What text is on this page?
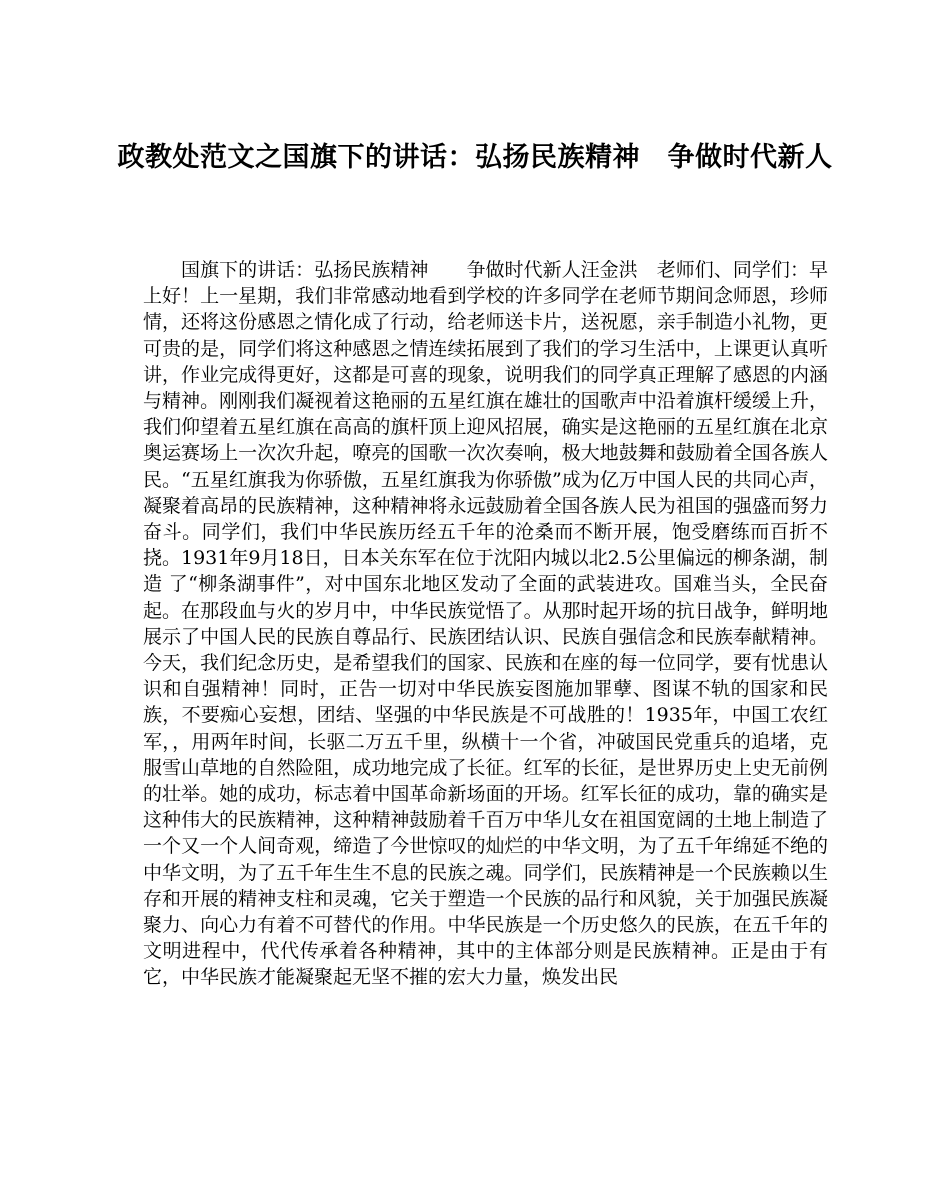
政教处范文之国旗下的讲话：弘扬民族精神　争做时代新人

国旗下的讲话：弘扬民族精神　　争做时代新人汪金洪　老师们、同学们：早上好！上一星期，我们非常感动地看到学校的许多同学在老师节期间念师恩，珍师情，还将这份感恩之情化成了行动，给老师送卡片，送祝愿，亲手制造小礼物，更可贵的是，同学们将这种感恩之情连续拓展到了我们的学习生活中，上课更认真听讲，作业完成得更好，这都是可喜的现象，说明我们的同学真正理解了感恩的内涵与精神。刚刚我们凝视着这艳丽的五星红旗在雄壮的国歌声中沿着旗杆缓缓上升，我们仰望着五星红旗在高高的旗杆顶上迎风招展，确实是这艳丽的五星红旗在北京奥运赛场上一次次升起，嘹亮的国歌一次次奏响，极大地鼓舞和鼓励着全国各族人民。“五星红旗我为你骄傲，五星红旗我为你骄傲”成为亿万中国人民的共同心声，凝聚着高昂的民族精神，这种精神将永远鼓励着全国各族人民为祖国的强盛而努力奋斗。同学们，我们中华民族历经五千年的沧桑而不断开展，饱受磨练而百折不挠。1931年9月18日，日本关东军在位于沈阳内城以北2.5公里偏远的柳条湖，制造 了“柳条湖事件”，对中国东北地区发动了全面的武装进攻。国难当头，全民奋起。在那段血与火的岁月中，中华民族觉悟了。从那时起开场的抗日战争，鲜明地展示了中国人民的民族自尊品行、民族团结认识、民族自强信念和民族奉献精神。今天，我们纪念历史，是希望我们的国家、民族和在座的每一位同学，要有忧患认识和自强精神！同时，正告一切对中华民族妄图施加罪孽、图谋不轨的国家和民族，不要痴心妄想，团结、坚强的中华民族是不可战胜的！1935年，中国工农红军，，用两年时间，长驱二万五千里，纵横十一个省，冲破国民党重兵的追堵，克服雪山草地的自然险阻，成功地完成了长征。红军的长征，是世界历史上史无前例的壮举。她的成功，标志着中国革命新场面的开场。红军长征的成功，靠的确实是这种伟大的民族精神，这种精神鼓励着千百万中华儿女在祖国宽阔的土地上制造了一个又一个人间奇观，缔造了今世惊叹的灿烂的中华文明，为了五千年绵延不绝的中华文明，为了五千年生生不息的民族之魂。同学们，民族精神是一个民族赖以生存和开展的精神支柱和灵魂，它关于塑造一个民族的品行和风貌，关于加强民族凝聚力、向心力有着不可替代的作用。中华民族是一个历史悠久的民族，在五千年的文明进程中，代代传承着各种精神，其中的主体部分则是民族精神。正是由于有它，中华民族才能凝聚起无坚不摧的宏大力量，焕发出民
